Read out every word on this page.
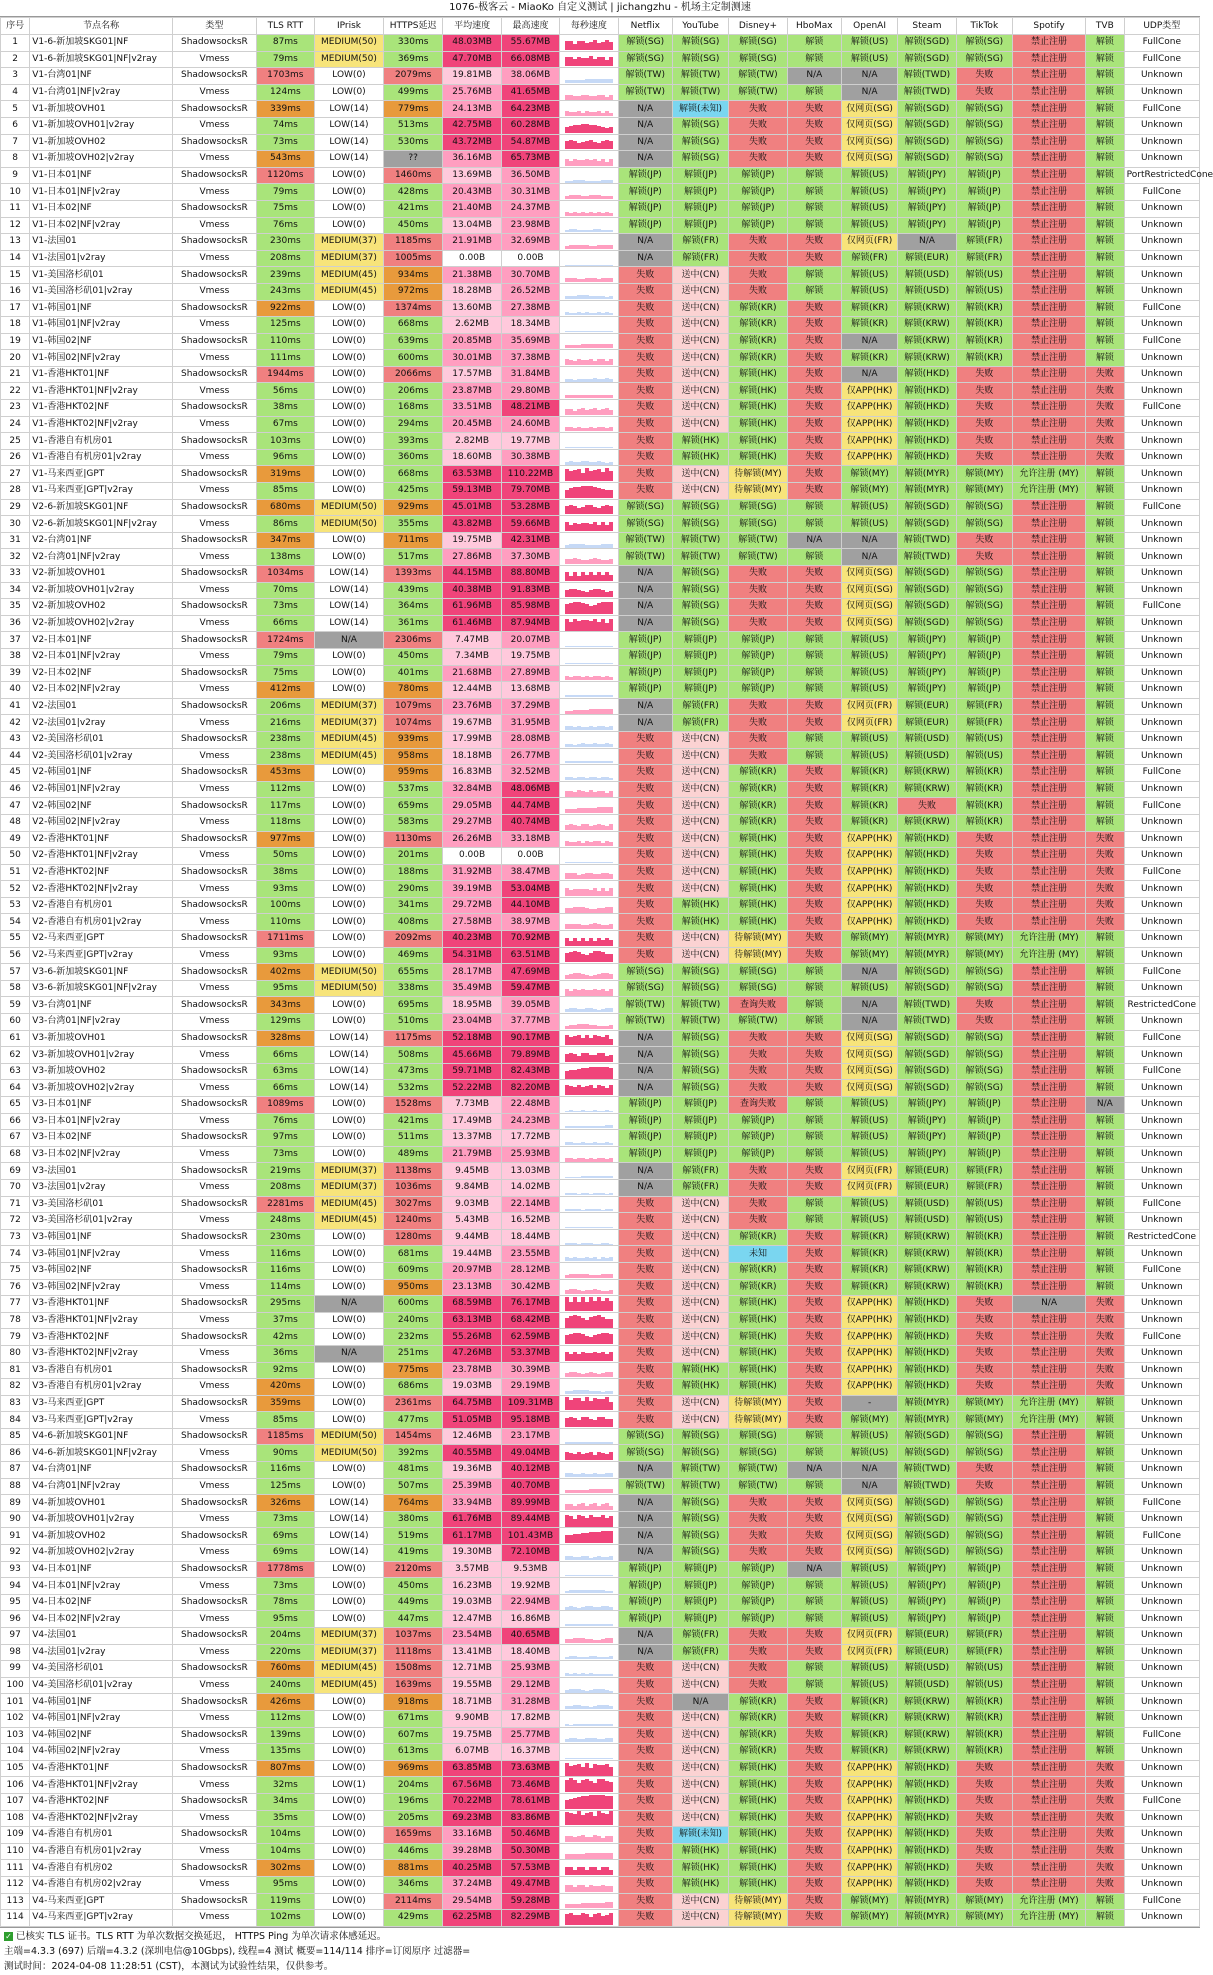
1076-极客云 - MiaoKo 自定义测试 | jichangzhu - 机场主定制测速
序号	节点名称	类型	TLS RTT	IPrisk	HTTPS延迟	平均速度	最高速度	每秒速度	Netflix	YouTube	Disney+	HboMax	OpenAI	Steam	TikTok	Spotify	TVB	UDP类型
1	V1-6-新加坡SKG01|NF	ShadowsocksR	87ms	MEDIUM(50)	330ms	48.03MB	55.67MB		解锁(SG)	解锁(SG)	解锁(SG)	解锁	解锁(US)	解锁(SGD)	解锁(SG)	禁止注册	解锁	FullCone
2	V1-6-新加坡SKG01|NF|v2ray	Vmess	79ms	MEDIUM(50)	369ms	47.70MB	66.08MB		解锁(SG)	解锁(SG)	解锁(SG)	解锁	解锁(US)	解锁(SGD)	解锁(SG)	禁止注册	解锁	FullCone
3	V1-台湾01|NF	ShadowsocksR	1703ms	LOW(0)	2079ms	19.81MB	38.06MB		解锁(TW)	解锁(TW)	解锁(TW)	N/A	N/A	解锁(TWD)	失败	禁止注册	解锁	Unknown
4	V1-台湾01|NF|v2ray	Vmess	124ms	LOW(0)	499ms	25.76MB	41.65MB		解锁(TW)	解锁(TW)	解锁(TW)	解锁	N/A	解锁(TWD)	失败	禁止注册	解锁	Unknown
5	V1-新加坡OVH01	ShadowsocksR	339ms	LOW(14)	779ms	24.13MB	64.23MB		N/A	解锁(未知)	失败	失败	仅网页(SG)	解锁(SGD)	解锁(SG)	禁止注册	解锁	FullCone
6	V1-新加坡OVH01|v2ray	Vmess	74ms	LOW(14)	513ms	42.75MB	60.28MB		N/A	解锁(SG)	失败	失败	仅网页(SG)	解锁(SGD)	解锁(SG)	禁止注册	解锁	Unknown
7	V1-新加坡OVH02	ShadowsocksR	73ms	LOW(14)	530ms	43.72MB	54.87MB		N/A	解锁(SG)	失败	失败	仅网页(SG)	解锁(SGD)	解锁(SG)	禁止注册	解锁	Unknown
8	V1-新加坡OVH02|v2ray	Vmess	543ms	LOW(14)	??	36.16MB	65.73MB		N/A	解锁(SG)	失败	失败	仅网页(SG)	解锁(SGD)	解锁(SG)	禁止注册	解锁	Unknown
9	V1-日本01|NF	ShadowsocksR	1120ms	LOW(0)	1460ms	13.69MB	36.50MB		解锁(JP)	解锁(JP)	解锁(JP)	解锁	解锁(US)	解锁(JPY)	解锁(JP)	禁止注册	解锁	PortRestrictedCone
10	V1-日本01|NF|v2ray	Vmess	79ms	LOW(0)	428ms	20.43MB	30.31MB		解锁(JP)	解锁(JP)	解锁(JP)	解锁	解锁(US)	解锁(JPY)	解锁(JP)	禁止注册	解锁	FullCone
11	V1-日本02|NF	ShadowsocksR	75ms	LOW(0)	421ms	21.40MB	24.37MB		解锁(JP)	解锁(JP)	解锁(JP)	解锁	解锁(US)	解锁(JPY)	解锁(JP)	禁止注册	解锁	Unknown
12	V1-日本02|NF|v2ray	Vmess	76ms	LOW(0)	450ms	13.04MB	23.98MB		解锁(JP)	解锁(JP)	解锁(JP)	解锁	解锁(US)	解锁(JPY)	解锁(JP)	禁止注册	解锁	Unknown
13	V1-法国01	ShadowsocksR	230ms	MEDIUM(37)	1185ms	21.91MB	32.69MB		N/A	解锁(FR)	失败	失败	仅网页(FR)	N/A	解锁(FR)	禁止注册	解锁	Unknown
14	V1-法国01|v2ray	Vmess	208ms	MEDIUM(37)	1005ms	0.00B	0.00B		N/A	解锁(FR)	失败	失败	解锁(FR)	解锁(EUR)	解锁(FR)	禁止注册	解锁	Unknown
15	V1-美国洛杉矶01	ShadowsocksR	239ms	MEDIUM(45)	934ms	21.38MB	30.70MB		失败	送中(CN)	失败	解锁	解锁(US)	解锁(USD)	解锁(US)	禁止注册	解锁	Unknown
16	V1-美国洛杉矶01|v2ray	Vmess	243ms	MEDIUM(45)	972ms	18.28MB	26.52MB		失败	送中(CN)	失败	解锁	解锁(US)	解锁(USD)	解锁(US)	禁止注册	解锁	Unknown
17	V1-韩国01|NF	ShadowsocksR	922ms	LOW(0)	1374ms	13.60MB	27.38MB		失败	送中(CN)	解锁(KR)	失败	解锁(KR)	解锁(KRW)	解锁(KR)	禁止注册	解锁	FullCone
18	V1-韩国01|NF|v2ray	Vmess	125ms	LOW(0)	668ms	2.62MB	18.34MB		失败	送中(CN)	解锁(KR)	失败	解锁(KR)	解锁(KRW)	解锁(KR)	禁止注册	解锁	Unknown
19	V1-韩国02|NF	ShadowsocksR	110ms	LOW(0)	639ms	20.85MB	35.69MB		失败	送中(CN)	解锁(KR)	失败	N/A	解锁(KRW)	解锁(KR)	禁止注册	解锁	FullCone
20	V1-韩国02|NF|v2ray	Vmess	111ms	LOW(0)	600ms	30.01MB	37.38MB		失败	送中(CN)	解锁(KR)	失败	解锁(KR)	解锁(KRW)	解锁(KR)	禁止注册	解锁	Unknown
21	V1-香港HKT01|NF	ShadowsocksR	1944ms	LOW(0)	2066ms	17.57MB	31.84MB		失败	送中(CN)	解锁(HK)	失败	N/A	解锁(HKD)	失败	禁止注册	失败	Unknown
22	V1-香港HKT01|NF|v2ray	Vmess	56ms	LOW(0)	206ms	23.87MB	29.80MB		失败	送中(CN)	解锁(HK)	失败	仅APP(HK)	解锁(HKD)	失败	禁止注册	失败	Unknown
23	V1-香港HKT02|NF	ShadowsocksR	38ms	LOW(0)	168ms	33.51MB	48.21MB		失败	送中(CN)	解锁(HK)	失败	仅APP(HK)	解锁(HKD)	失败	禁止注册	失败	FullCone
24	V1-香港HKT02|NF|v2ray	Vmess	67ms	LOW(0)	294ms	20.45MB	24.60MB		失败	送中(CN)	解锁(HK)	失败	仅APP(HK)	解锁(HKD)	失败	禁止注册	失败	Unknown
25	V1-香港自有机房01	ShadowsocksR	103ms	LOW(0)	393ms	2.82MB	19.77MB		失败	解锁(HK)	解锁(HK)	失败	仅APP(HK)	解锁(HKD)	失败	禁止注册	失败	Unknown
26	V1-香港自有机房01|v2ray	Vmess	96ms	LOW(0)	360ms	18.60MB	30.38MB		失败	解锁(HK)	解锁(HK)	失败	仅APP(HK)	解锁(HKD)	失败	禁止注册	失败	Unknown
27	V1-马来西亚|GPT	ShadowsocksR	319ms	LOW(0)	668ms	63.53MB	110.22MB		失败	送中(CN)	待解锁(MY)	失败	解锁(MY)	解锁(MYR)	解锁(MY)	允许注册 (MY)	解锁	Unknown
28	V1-马来西亚|GPT|v2ray	Vmess	85ms	LOW(0)	425ms	59.13MB	79.70MB		失败	送中(CN)	待解锁(MY)	失败	解锁(MY)	解锁(MYR)	解锁(MY)	允许注册 (MY)	解锁	Unknown
29	V2-6-新加坡SKG01|NF	ShadowsocksR	680ms	MEDIUM(50)	929ms	45.01MB	53.28MB		解锁(SG)	解锁(SG)	解锁(SG)	解锁	解锁(US)	解锁(SGD)	解锁(SG)	禁止注册	解锁	FullCone
30	V2-6-新加坡SKG01|NF|v2ray	Vmess	86ms	MEDIUM(50)	355ms	43.82MB	59.66MB		解锁(SG)	解锁(SG)	解锁(SG)	解锁	解锁(US)	解锁(SGD)	解锁(SG)	禁止注册	解锁	Unknown
31	V2-台湾01|NF	ShadowsocksR	347ms	LOW(0)	711ms	19.75MB	42.31MB		解锁(TW)	解锁(TW)	解锁(TW)	N/A	N/A	解锁(TWD)	失败	禁止注册	解锁	Unknown
32	V2-台湾01|NF|v2ray	Vmess	138ms	LOW(0)	517ms	27.86MB	37.30MB		解锁(TW)	解锁(TW)	解锁(TW)	解锁	N/A	解锁(TWD)	失败	禁止注册	解锁	Unknown
33	V2-新加坡OVH01	ShadowsocksR	1034ms	LOW(14)	1393ms	44.15MB	88.80MB		N/A	解锁(SG)	失败	失败	仅网页(SG)	解锁(SGD)	解锁(SG)	禁止注册	解锁	Unknown
34	V2-新加坡OVH01|v2ray	Vmess	70ms	LOW(14)	439ms	40.38MB	91.83MB		N/A	解锁(SG)	失败	失败	仅网页(SG)	解锁(SGD)	解锁(SG)	禁止注册	解锁	Unknown
35	V2-新加坡OVH02	ShadowsocksR	73ms	LOW(14)	364ms	61.96MB	85.98MB		N/A	解锁(SG)	失败	失败	仅网页(SG)	解锁(SGD)	解锁(SG)	禁止注册	解锁	FullCone
36	V2-新加坡OVH02|v2ray	Vmess	66ms	LOW(14)	361ms	61.46MB	87.94MB		N/A	解锁(SG)	失败	失败	仅网页(SG)	解锁(SGD)	解锁(SG)	禁止注册	解锁	Unknown
37	V2-日本01|NF	ShadowsocksR	1724ms	N/A	2306ms	7.47MB	20.07MB		解锁(JP)	解锁(JP)	解锁(JP)	解锁	解锁(US)	解锁(JPY)	解锁(JP)	禁止注册	解锁	Unknown
38	V2-日本01|NF|v2ray	Vmess	79ms	LOW(0)	450ms	7.34MB	19.75MB		解锁(JP)	解锁(JP)	解锁(JP)	解锁	解锁(US)	解锁(JPY)	解锁(JP)	禁止注册	解锁	Unknown
39	V2-日本02|NF	ShadowsocksR	75ms	LOW(0)	401ms	21.68MB	27.89MB		解锁(JP)	解锁(JP)	解锁(JP)	解锁	解锁(US)	解锁(JPY)	解锁(JP)	禁止注册	解锁	Unknown
40	V2-日本02|NF|v2ray	Vmess	412ms	LOW(0)	780ms	12.44MB	13.68MB		解锁(JP)	解锁(JP)	解锁(JP)	解锁	解锁(US)	解锁(JPY)	解锁(JP)	禁止注册	解锁	Unknown
41	V2-法国01	ShadowsocksR	206ms	MEDIUM(37)	1079ms	23.76MB	37.29MB		N/A	解锁(FR)	失败	失败	仅网页(FR)	解锁(EUR)	解锁(FR)	禁止注册	解锁	Unknown
42	V2-法国01|v2ray	Vmess	216ms	MEDIUM(37)	1074ms	19.67MB	31.95MB		N/A	解锁(FR)	失败	失败	仅网页(FR)	解锁(EUR)	解锁(FR)	禁止注册	解锁	Unknown
43	V2-美国洛杉矶01	ShadowsocksR	238ms	MEDIUM(45)	939ms	17.99MB	28.08MB		失败	送中(CN)	失败	解锁	解锁(US)	解锁(USD)	解锁(US)	禁止注册	解锁	Unknown
44	V2-美国洛杉矶01|v2ray	Vmess	238ms	MEDIUM(45)	958ms	18.18MB	26.77MB		失败	送中(CN)	失败	解锁	解锁(US)	解锁(USD)	解锁(US)	禁止注册	解锁	Unknown
45	V2-韩国01|NF	ShadowsocksR	453ms	LOW(0)	959ms	16.83MB	32.52MB		失败	送中(CN)	解锁(KR)	失败	解锁(KR)	解锁(KRW)	解锁(KR)	禁止注册	解锁	FullCone
46	V2-韩国01|NF|v2ray	Vmess	112ms	LOW(0)	537ms	32.84MB	48.06MB		失败	送中(CN)	解锁(KR)	失败	解锁(KR)	解锁(KRW)	解锁(KR)	禁止注册	解锁	Unknown
47	V2-韩国02|NF	ShadowsocksR	117ms	LOW(0)	659ms	29.05MB	44.74MB		失败	送中(CN)	解锁(KR)	失败	解锁(KR)	失败	解锁(KR)	禁止注册	解锁	FullCone
48	V2-韩国02|NF|v2ray	Vmess	118ms	LOW(0)	583ms	29.27MB	40.74MB		失败	送中(CN)	解锁(KR)	失败	解锁(KR)	解锁(KRW)	解锁(KR)	禁止注册	解锁	Unknown
49	V2-香港HKT01|NF	ShadowsocksR	977ms	LOW(0)	1130ms	26.26MB	33.18MB		失败	送中(CN)	解锁(HK)	失败	仅APP(HK)	解锁(HKD)	失败	禁止注册	失败	Unknown
50	V2-香港HKT01|NF|v2ray	Vmess	50ms	LOW(0)	201ms	0.00B	0.00B		失败	送中(CN)	解锁(HK)	失败	仅APP(HK)	解锁(HKD)	失败	禁止注册	失败	Unknown
51	V2-香港HKT02|NF	ShadowsocksR	38ms	LOW(0)	188ms	31.92MB	38.47MB		失败	送中(CN)	解锁(HK)	失败	仅APP(HK)	解锁(HKD)	失败	禁止注册	失败	FullCone
52	V2-香港HKT02|NF|v2ray	Vmess	93ms	LOW(0)	290ms	39.19MB	53.04MB		失败	送中(CN)	解锁(HK)	失败	仅APP(HK)	解锁(HKD)	失败	禁止注册	失败	Unknown
53	V2-香港自有机房01	ShadowsocksR	100ms	LOW(0)	341ms	29.72MB	44.10MB		失败	解锁(HK)	解锁(HK)	失败	仅APP(HK)	解锁(HKD)	失败	禁止注册	失败	Unknown
54	V2-香港自有机房01|v2ray	Vmess	110ms	LOW(0)	408ms	27.58MB	38.97MB		失败	解锁(HK)	解锁(HK)	失败	仅APP(HK)	解锁(HKD)	失败	禁止注册	失败	Unknown
55	V2-马来西亚|GPT	ShadowsocksR	1711ms	LOW(0)	2092ms	40.23MB	70.92MB		失败	送中(CN)	待解锁(MY)	失败	解锁(MY)	解锁(MYR)	解锁(MY)	允许注册 (MY)	解锁	Unknown
56	V2-马来西亚|GPT|v2ray	Vmess	93ms	LOW(0)	469ms	54.31MB	63.51MB		失败	送中(CN)	待解锁(MY)	失败	解锁(MY)	解锁(MYR)	解锁(MY)	允许注册 (MY)	解锁	Unknown
57	V3-6-新加坡SKG01|NF	ShadowsocksR	402ms	MEDIUM(50)	655ms	28.17MB	47.69MB		解锁(SG)	解锁(SG)	解锁(SG)	解锁	N/A	解锁(SGD)	解锁(SG)	禁止注册	解锁	FullCone
58	V3-6-新加坡SKG01|NF|v2ray	Vmess	95ms	MEDIUM(50)	338ms	35.49MB	59.47MB		解锁(SG)	解锁(SG)	解锁(SG)	解锁	解锁(US)	解锁(SGD)	解锁(SG)	禁止注册	解锁	Unknown
59	V3-台湾01|NF	ShadowsocksR	343ms	LOW(0)	695ms	18.95MB	39.05MB		解锁(TW)	解锁(TW)	查询失败	解锁	N/A	解锁(TWD)	失败	禁止注册	解锁	RestrictedCone
60	V3-台湾01|NF|v2ray	Vmess	129ms	LOW(0)	510ms	23.04MB	37.77MB		解锁(TW)	解锁(TW)	解锁(TW)	解锁	N/A	解锁(TWD)	失败	禁止注册	解锁	Unknown
61	V3-新加坡OVH01	ShadowsocksR	328ms	LOW(14)	1175ms	52.18MB	90.17MB		N/A	解锁(SG)	失败	失败	仅网页(SG)	解锁(SGD)	解锁(SG)	禁止注册	解锁	FullCone
62	V3-新加坡OVH01|v2ray	Vmess	66ms	LOW(14)	508ms	45.66MB	79.89MB		N/A	解锁(SG)	失败	失败	仅网页(SG)	解锁(SGD)	解锁(SG)	禁止注册	解锁	Unknown
63	V3-新加坡OVH02	ShadowsocksR	63ms	LOW(14)	473ms	59.71MB	82.43MB		N/A	解锁(SG)	失败	失败	仅网页(SG)	解锁(SGD)	解锁(SG)	禁止注册	解锁	FullCone
64	V3-新加坡OVH02|v2ray	Vmess	66ms	LOW(14)	532ms	52.22MB	82.20MB		N/A	解锁(SG)	失败	失败	仅网页(SG)	解锁(SGD)	解锁(SG)	禁止注册	解锁	Unknown
65	V3-日本01|NF	ShadowsocksR	1089ms	LOW(0)	1528ms	7.73MB	22.48MB		解锁(JP)	解锁(JP)	查询失败	解锁	解锁(US)	解锁(JPY)	解锁(JP)	禁止注册	N/A	Unknown
66	V3-日本01|NF|v2ray	Vmess	76ms	LOW(0)	421ms	17.49MB	24.23MB		解锁(JP)	解锁(JP)	解锁(JP)	解锁	解锁(US)	解锁(JPY)	解锁(JP)	禁止注册	解锁	Unknown
67	V3-日本02|NF	ShadowsocksR	97ms	LOW(0)	511ms	13.37MB	17.72MB		解锁(JP)	解锁(JP)	解锁(JP)	解锁	解锁(US)	解锁(JPY)	解锁(JP)	禁止注册	解锁	Unknown
68	V3-日本02|NF|v2ray	Vmess	73ms	LOW(0)	489ms	21.79MB	25.93MB		解锁(JP)	解锁(JP)	解锁(JP)	解锁	解锁(US)	解锁(JPY)	解锁(JP)	禁止注册	解锁	Unknown
69	V3-法国01	ShadowsocksR	219ms	MEDIUM(37)	1138ms	9.45MB	13.03MB		N/A	解锁(FR)	失败	失败	仅网页(FR)	解锁(EUR)	解锁(FR)	禁止注册	解锁	Unknown
70	V3-法国01|v2ray	Vmess	208ms	MEDIUM(37)	1036ms	9.84MB	14.02MB		N/A	解锁(FR)	失败	失败	仅网页(FR)	解锁(EUR)	解锁(FR)	禁止注册	解锁	Unknown
71	V3-美国洛杉矶01	ShadowsocksR	2281ms	MEDIUM(45)	3027ms	9.03MB	22.14MB		失败	送中(CN)	失败	解锁	解锁(US)	解锁(USD)	解锁(US)	禁止注册	解锁	FullCone
72	V3-美国洛杉矶01|v2ray	Vmess	248ms	MEDIUM(45)	1240ms	5.43MB	16.52MB		失败	送中(CN)	失败	解锁	解锁(US)	解锁(USD)	解锁(US)	禁止注册	解锁	Unknown
73	V3-韩国01|NF	ShadowsocksR	230ms	LOW(0)	1280ms	9.44MB	18.44MB		失败	送中(CN)	解锁(KR)	失败	解锁(KR)	解锁(KRW)	解锁(KR)	禁止注册	解锁	RestrictedCone
74	V3-韩国01|NF|v2ray	Vmess	116ms	LOW(0)	681ms	19.44MB	23.55MB		失败	送中(CN)	未知	失败	解锁(KR)	解锁(KRW)	解锁(KR)	禁止注册	解锁	Unknown
75	V3-韩国02|NF	ShadowsocksR	116ms	LOW(0)	609ms	20.97MB	28.12MB		失败	送中(CN)	解锁(KR)	失败	解锁(KR)	解锁(KRW)	解锁(KR)	禁止注册	解锁	FullCone
76	V3-韩国02|NF|v2ray	Vmess	114ms	LOW(0)	950ms	23.13MB	30.42MB		失败	送中(CN)	解锁(KR)	失败	解锁(KR)	解锁(KRW)	解锁(KR)	禁止注册	解锁	Unknown
77	V3-香港HKT01|NF	ShadowsocksR	295ms	N/A	600ms	68.59MB	76.17MB		失败	送中(CN)	解锁(HK)	失败	仅APP(HK)	解锁(HKD)	失败	N/A	失败	Unknown
78	V3-香港HKT01|NF|v2ray	Vmess	37ms	LOW(0)	240ms	63.13MB	68.42MB		失败	送中(CN)	解锁(HK)	失败	仅APP(HK)	解锁(HKD)	失败	禁止注册	失败	Unknown
79	V3-香港HKT02|NF	ShadowsocksR	42ms	LOW(0)	232ms	55.26MB	62.59MB		失败	送中(CN)	解锁(HK)	失败	仅APP(HK)	解锁(HKD)	失败	禁止注册	失败	FullCone
80	V3-香港HKT02|NF|v2ray	Vmess	36ms	N/A	251ms	47.26MB	53.37MB		失败	送中(CN)	解锁(HK)	失败	仅APP(HK)	解锁(HKD)	失败	禁止注册	失败	Unknown
81	V3-香港自有机房01	ShadowsocksR	92ms	LOW(0)	775ms	23.78MB	30.39MB		失败	解锁(HK)	解锁(HK)	失败	仅APP(HK)	解锁(HKD)	失败	禁止注册	失败	Unknown
82	V3-香港自有机房01|v2ray	Vmess	420ms	LOW(0)	686ms	19.03MB	29.19MB		失败	解锁(HK)	解锁(HK)	失败	仅APP(HK)	解锁(HKD)	失败	禁止注册	失败	Unknown
83	V3-马来西亚|GPT	ShadowsocksR	359ms	LOW(0)	2361ms	64.75MB	109.31MB		失败	送中(CN)	待解锁(MY)	失败	-	解锁(MYR)	解锁(MY)	允许注册 (MY)	解锁	Unknown
84	V3-马来西亚|GPT|v2ray	Vmess	85ms	LOW(0)	477ms	51.05MB	95.18MB		失败	送中(CN)	待解锁(MY)	失败	解锁(MY)	解锁(MYR)	解锁(MY)	允许注册 (MY)	解锁	Unknown
85	V4-6-新加坡SKG01|NF	ShadowsocksR	1185ms	MEDIUM(50)	1454ms	12.46MB	23.17MB		解锁(SG)	解锁(SG)	解锁(SG)	解锁	解锁(US)	解锁(SGD)	解锁(SG)	禁止注册	解锁	Unknown
86	V4-6-新加坡SKG01|NF|v2ray	Vmess	90ms	MEDIUM(50)	392ms	40.55MB	49.04MB		解锁(SG)	解锁(SG)	解锁(SG)	解锁	解锁(US)	解锁(SGD)	解锁(SG)	禁止注册	解锁	Unknown
87	V4-台湾01|NF	ShadowsocksR	116ms	LOW(0)	481ms	19.36MB	40.12MB		N/A	解锁(TW)	解锁(TW)	N/A	N/A	解锁(TWD)	失败	禁止注册	解锁	Unknown
88	V4-台湾01|NF|v2ray	Vmess	125ms	LOW(0)	507ms	25.39MB	40.70MB		解锁(TW)	解锁(TW)	解锁(TW)	解锁	N/A	解锁(TWD)	失败	禁止注册	解锁	Unknown
89	V4-新加坡OVH01	ShadowsocksR	326ms	LOW(14)	764ms	33.94MB	89.99MB		N/A	解锁(SG)	失败	失败	仅网页(SG)	解锁(SGD)	解锁(SG)	禁止注册	解锁	FullCone
90	V4-新加坡OVH01|v2ray	Vmess	73ms	LOW(14)	380ms	61.76MB	89.44MB		N/A	解锁(SG)	失败	失败	仅网页(SG)	解锁(SGD)	解锁(SG)	禁止注册	解锁	Unknown
91	V4-新加坡OVH02	ShadowsocksR	69ms	LOW(14)	519ms	61.17MB	101.43MB		N/A	解锁(SG)	失败	失败	仅网页(SG)	解锁(SGD)	解锁(SG)	禁止注册	解锁	FullCone
92	V4-新加坡OVH02|v2ray	Vmess	69ms	LOW(14)	419ms	19.30MB	72.10MB		N/A	解锁(SG)	失败	失败	仅网页(SG)	解锁(SGD)	解锁(SG)	禁止注册	解锁	Unknown
93	V4-日本01|NF	ShadowsocksR	1778ms	LOW(0)	2120ms	3.57MB	9.53MB		解锁(JP)	解锁(JP)	解锁(JP)	N/A	解锁(US)	解锁(JPY)	解锁(JP)	禁止注册	解锁	Unknown
94	V4-日本01|NF|v2ray	Vmess	73ms	LOW(0)	450ms	16.23MB	19.92MB		解锁(JP)	解锁(JP)	解锁(JP)	解锁	解锁(US)	解锁(JPY)	解锁(JP)	禁止注册	解锁	Unknown
95	V4-日本02|NF	ShadowsocksR	78ms	LOW(0)	449ms	19.03MB	22.94MB		解锁(JP)	解锁(JP)	解锁(JP)	解锁	解锁(US)	解锁(JPY)	解锁(JP)	禁止注册	解锁	Unknown
96	V4-日本02|NF|v2ray	Vmess	95ms	LOW(0)	447ms	12.47MB	16.86MB		解锁(JP)	解锁(JP)	解锁(JP)	解锁	解锁(US)	解锁(JPY)	解锁(JP)	禁止注册	解锁	Unknown
97	V4-法国01	ShadowsocksR	204ms	MEDIUM(37)	1037ms	23.54MB	40.65MB		N/A	解锁(FR)	失败	失败	仅网页(FR)	解锁(EUR)	解锁(FR)	禁止注册	解锁	Unknown
98	V4-法国01|v2ray	Vmess	220ms	MEDIUM(37)	1118ms	13.41MB	18.40MB		N/A	解锁(FR)	失败	失败	仅网页(FR)	解锁(EUR)	解锁(FR)	禁止注册	解锁	Unknown
99	V4-美国洛杉矶01	ShadowsocksR	760ms	MEDIUM(45)	1508ms	12.71MB	25.93MB		失败	送中(CN)	失败	解锁	解锁(US)	解锁(USD)	解锁(US)	禁止注册	解锁	Unknown
100	V4-美国洛杉矶01|v2ray	Vmess	240ms	MEDIUM(45)	1639ms	19.55MB	29.12MB		失败	送中(CN)	失败	解锁	解锁(US)	解锁(USD)	解锁(US)	禁止注册	解锁	Unknown
101	V4-韩国01|NF	ShadowsocksR	426ms	LOW(0)	918ms	18.71MB	31.28MB		失败	N/A	解锁(KR)	失败	解锁(KR)	解锁(KRW)	解锁(KR)	禁止注册	解锁	Unknown
102	V4-韩国01|NF|v2ray	Vmess	112ms	LOW(0)	671ms	9.90MB	17.82MB		失败	送中(CN)	解锁(KR)	失败	解锁(KR)	解锁(KRW)	解锁(KR)	禁止注册	解锁	Unknown
103	V4-韩国02|NF	ShadowsocksR	139ms	LOW(0)	607ms	19.75MB	25.77MB		失败	送中(CN)	解锁(KR)	失败	解锁(KR)	解锁(KRW)	解锁(KR)	禁止注册	解锁	FullCone
104	V4-韩国02|NF|v2ray	Vmess	135ms	LOW(0)	613ms	6.07MB	16.37MB		失败	送中(CN)	解锁(KR)	失败	解锁(KR)	解锁(KRW)	解锁(KR)	禁止注册	解锁	Unknown
105	V4-香港HKT01|NF	ShadowsocksR	807ms	LOW(0)	969ms	63.85MB	73.63MB		失败	送中(CN)	解锁(HK)	失败	仅APP(HK)	解锁(HKD)	失败	禁止注册	失败	Unknown
106	V4-香港HKT01|NF|v2ray	Vmess	32ms	LOW(1)	204ms	67.56MB	73.46MB		失败	送中(CN)	解锁(HK)	失败	仅APP(HK)	解锁(HKD)	失败	禁止注册	失败	Unknown
107	V4-香港HKT02|NF	ShadowsocksR	34ms	LOW(0)	196ms	70.22MB	78.61MB		失败	送中(CN)	解锁(HK)	失败	仅APP(HK)	解锁(HKD)	失败	禁止注册	失败	FullCone
108	V4-香港HKT02|NF|v2ray	Vmess	35ms	LOW(0)	205ms	69.23MB	83.86MB		失败	送中(CN)	解锁(HK)	失败	仅APP(HK)	解锁(HKD)	失败	禁止注册	失败	Unknown
109	V4-香港自有机房01	ShadowsocksR	104ms	LOW(0)	1659ms	33.16MB	50.46MB		失败	解锁(未知)	解锁(HK)	失败	仅APP(HK)	解锁(HKD)	失败	禁止注册	失败	Unknown
110	V4-香港自有机房01|v2ray	Vmess	104ms	LOW(0)	446ms	39.28MB	50.30MB		失败	解锁(HK)	解锁(HK)	失败	仅APP(HK)	解锁(HKD)	失败	禁止注册	失败	Unknown
111	V4-香港自有机房02	ShadowsocksR	302ms	LOW(0)	881ms	40.25MB	57.53MB		失败	解锁(HK)	解锁(HK)	失败	仅APP(HK)	解锁(HKD)	失败	禁止注册	失败	Unknown
112	V4-香港自有机房02|v2ray	Vmess	95ms	LOW(0)	346ms	37.24MB	49.47MB		失败	解锁(HK)	解锁(HK)	失败	仅APP(HK)	解锁(HKD)	失败	禁止注册	失败	Unknown
113	V4-马来西亚|GPT	ShadowsocksR	119ms	LOW(0)	2114ms	29.54MB	59.28MB		失败	送中(CN)	待解锁(MY)	失败	解锁(MY)	解锁(MYR)	解锁(MY)	允许注册 (MY)	解锁	FullCone
114	V4-马来西亚|GPT|v2ray	Vmess	102ms	LOW(0)	429ms	62.25MB	82.29MB		失败	送中(CN)	待解锁(MY)	失败	解锁(MY)	解锁(MYR)	解锁(MY)	允许注册 (MY)	解锁	Unknown
✓ 已核实 TLS 证书。TLS RTT 为单次数据交换延迟， HTTPS Ping 为单次请求体感延迟。
主端=4.3.3 (697) 后端=4.3.2 (深圳电信@10Gbps), 线程=4 测试 概要=114/114 排序=订阅原序 过滤器=
测试时间：2024-04-08 11:28:51 (CST)，本测试为试验性结果，仅供参考。
